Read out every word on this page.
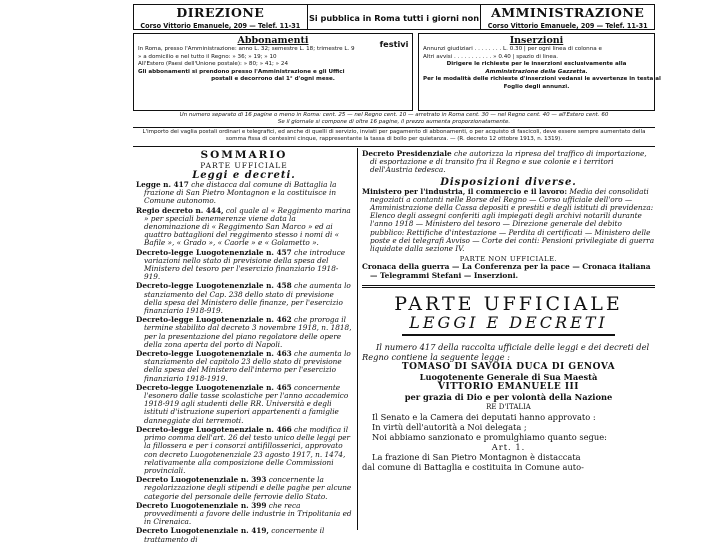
DIREZIONE
Corso Vittorio Emanuele, 209 — Telef. 11-31
Si pubblica in Roma tutti i giorni non festivi
AMMINISTRAZIONE
Corso Vittorio Emanuele, 209 — Telef. 11-31
Abbonamenti
In Roma, presso l'Amministrazione: anno L. 32; semestre L. 18; trimestre L. 9
» a domicilio e nel tutto il Regno: » 36; » 19; » 10
All'Estero (Paesi dell'Unione postale): » 80; » 41; » 24
Gli abbonamenti si prendono presso l'Amministrazione e gli Uffici
postali e decorrono dal 1° d'ogni mese.
Inserzioni
Annunzi giudiziari . . . . . . . . L. 0.30 | per ogni linea di colonna e
Altri avvisi . . . . . . . . . . . » 0.40 | spazio di linea.
Dirigere le richieste per le inserzioni esclusivamente alla
Amministrazione della Gazzetta.
Per le modalità delle richieste d'inserzioni vedansi le avvertenze in testa al
Foglio degli annunzi.
Un numero separato di 16 pagine o meno in Roma: cent. 25 — nel Regno cent. 10 — arretrato in Roma cent. 30 — nel Regno cent. 40 — all'Estero cent. 60
Se il giornale si compone di oltre 16 pagine, il prezzo aumenta proporzionatamente.
L'importo dei vaglia postali ordinari e telegrafici, ed anche di quelli di servizio, inviati per pagamento di abbonamenti, o per acquisto di fascicoli, deve essere sempre aumentato della
somma fissa di centesimi cinque, rappresentante la tassa di bollo per quietanza. — (R. decreto 12 ottobre 1913, n. 1319).
SOMMARIO
PARTE UFFICIALE
Leggi e decreti.
Legge n. 417 che distacca dal comune di Battaglia la frazione di San Pietro Montagnon e la costituisce in Comune autonomo.
Regio decreto n. 444, col quale al « Reggimento marina » per speciali benemerenze viene data la denominazione di « Reggimento San Marco » ed ai quattro battaglioni del reggimento stesso i nomi di « Bafile », « Grado », « Caorle » e « Golametto ».
Decreto-legge Luogotenenziale n. 457 che introduce variazioni nello stato di previsione della spesa del Ministero del tesoro per l'esercizio finanziario 1918-919.
Decreto-legge Luogotenenziale n. 458 che aumenta lo stanziamento del Cap. 238 dello stato di previsione della spesa del Ministero delle finanze, per l'esercizio finanziario 1918-919.
Decreto-legge Luogotenenziale n. 462 che proroga il termine stabilito dal decreto 3 novembre 1918, n. 1818, per la presentazione del piano regolatore delle opere della zona aperta del porto di Napoli.
Decreto-legge Luogotenenziale n. 463 che aumenta lo stanziamento del capitolo 23 dello stato di previsione della spesa del Ministero dell'interno per l'esercizio finanziario 1918-1919.
Decreto-legge Luogotenenziale n. 465 concernente l'esonero dalle tasse scolastiche per l'anno accademico 1918-919 agli studenti delle RR. Università e degli istituti d'istruzione superiori appartenenti a famiglie danneggiate dai terremoti.
Decreto-legge Luogotenenziale n. 466 che modifica il primo comma dell'art. 26 del testo unico delle leggi per la fillossera e per i consorzi antifillosserici, approvato con decreto Luogotenenziale 23 agosto 1917, n. 1474, relativamente alla composizione delle Commissioni provinciali.
Decreto Luogotenenziale n. 393 concernente la regolarizzazione degli stipendi e delle paghe per alcune categorie del personale delle ferrovie dello Stato.
Decreto Luogotenenziale n. 399 che reca provvedimenti a favore delle industrie in Tripolitania ed in Cirenaica.
Decreto Luogotenenziale n. 419, concernente il trattamento di
Decreto Presidenziale che autorizza la ripresa del traffico di importazione, di esportazione e di transito fra il Regno e sue colonie e i territori dell'Austria tedesca.
Disposizioni diverse.
Ministero per l'industria, il commercio e il lavoro: Media dei consolidati negoziati a contanti nelle Borse del Regno — Corso ufficiale dell'oro — Amministrazione della Cassa depositi e prestiti e degli istituti di previdenza: Elenco degli assegni conferiti agli impiegati degli archivi notarili durante l'anno 1918 — Ministero del tesoro — Direzione generale del debito pubblico: Rettifiche d'intestazione — Perdita di certificati — Ministero delle poste e dei telegrafi Avviso — Corte dei conti: Pensioni privilegiate di guerra liquidate dalla sezione IV.
PARTE NON UFFICIALE.
Cronaca della guerra — La Conferenza per la pace — Cronaca italiana — Telegrammi Stefani — Inserzioni.
PARTE UFFICIALE
LEGGI E DECRETI
Il numero 417 della raccolta ufficiale delle leggi e dei decreti del Regno contiene la seguente legge :
TOMASO DI SAVOIA DUCA DI GENOVA
Luogotenente Generale di Sua Maestà
VITTORIO EMANUELE III
per grazia di Dio e per volontà della Nazione
RE D'ITALIA
Il Senato e la Camera dei deputati hanno approvato :
In virtù dell'autorità a Noi delegata ;
Noi abbiamo sanzionato e promulghiamo quanto segue:
Art. 1.
La frazione di San Pietro Montagnon è distaccata
dal comune di Battaglia e costituita in Comune auto-
